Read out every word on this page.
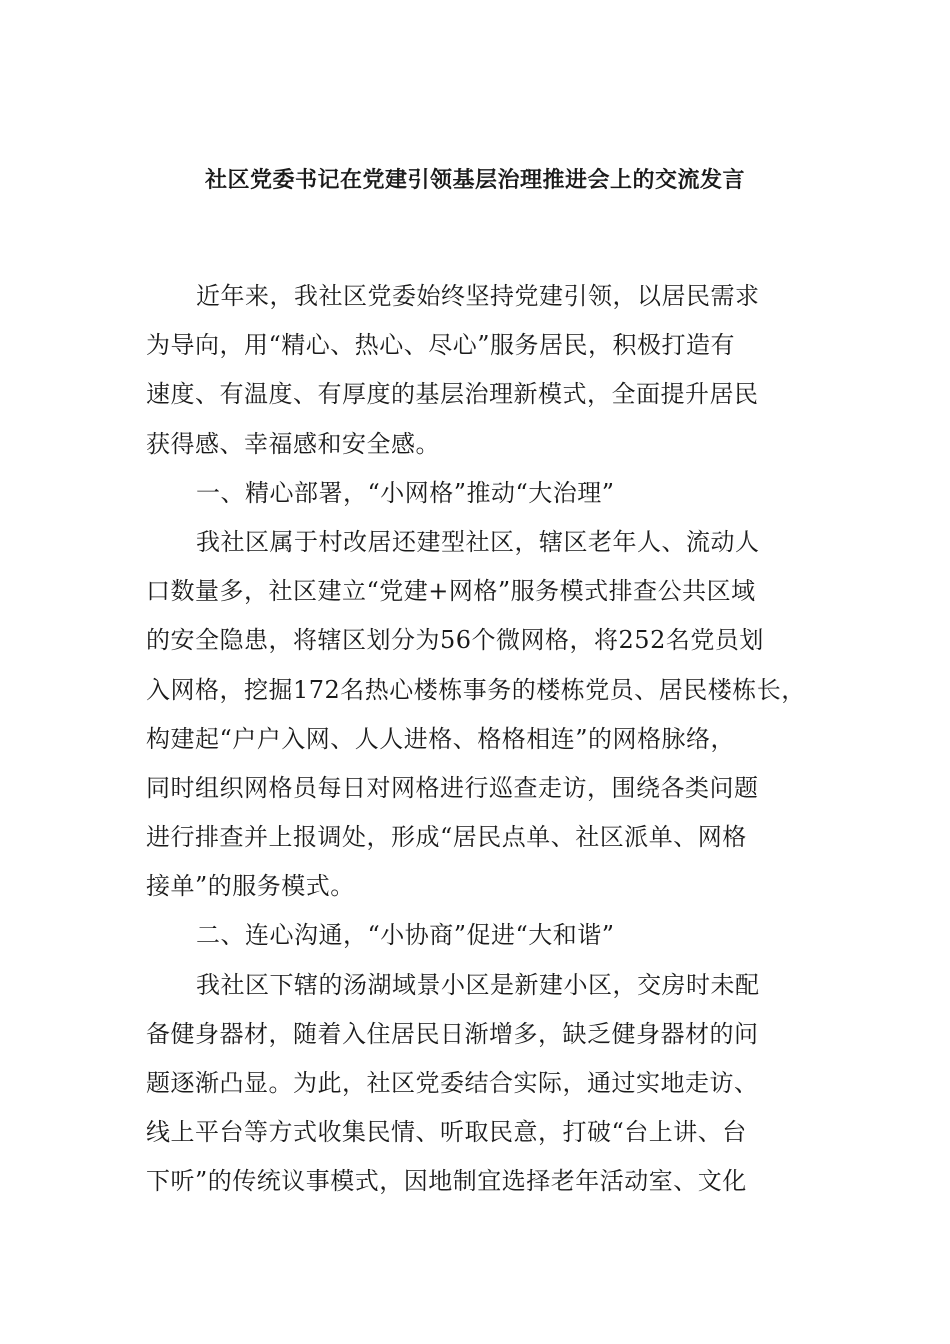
社区党委书记在党建引领基层治理推进会上的交流发言
近年来，我社区党委始终坚持党建引领，以居民需求
为导向，用“精心、热心、尽心”服务居民，积极打造有
速度、有温度、有厚度的基层治理新模式，全面提升居民
获得感、幸福感和安全感。
一、精心部署，“小网格”推动“大治理”
我社区属于村改居还建型社区，辖区老年人、流动人
口数量多，社区建立“党建+网格”服务模式排查公共区域
的安全隐患，将辖区划分为56个微网格，将252名党员划
入网格，挖掘172名热心楼栋事务的楼栋党员、居民楼栋长，
构建起“户户入网、人人进格、格格相连”的网格脉络，
同时组织网格员每日对网格进行巡查走访，围绕各类问题
进行排查并上报调处，形成“居民点单、社区派单、网格
接单”的服务模式。
二、连心沟通，“小协商”促进“大和谐”
我社区下辖的汤湖域景小区是新建小区，交房时未配
备健身器材，随着入住居民日渐增多，缺乏健身器材的问
题逐渐凸显。为此，社区党委结合实际，通过实地走访、
线上平台等方式收集民情、听取民意，打破“台上讲、台
下听”的传统议事模式，因地制宜选择老年活动室、文化
